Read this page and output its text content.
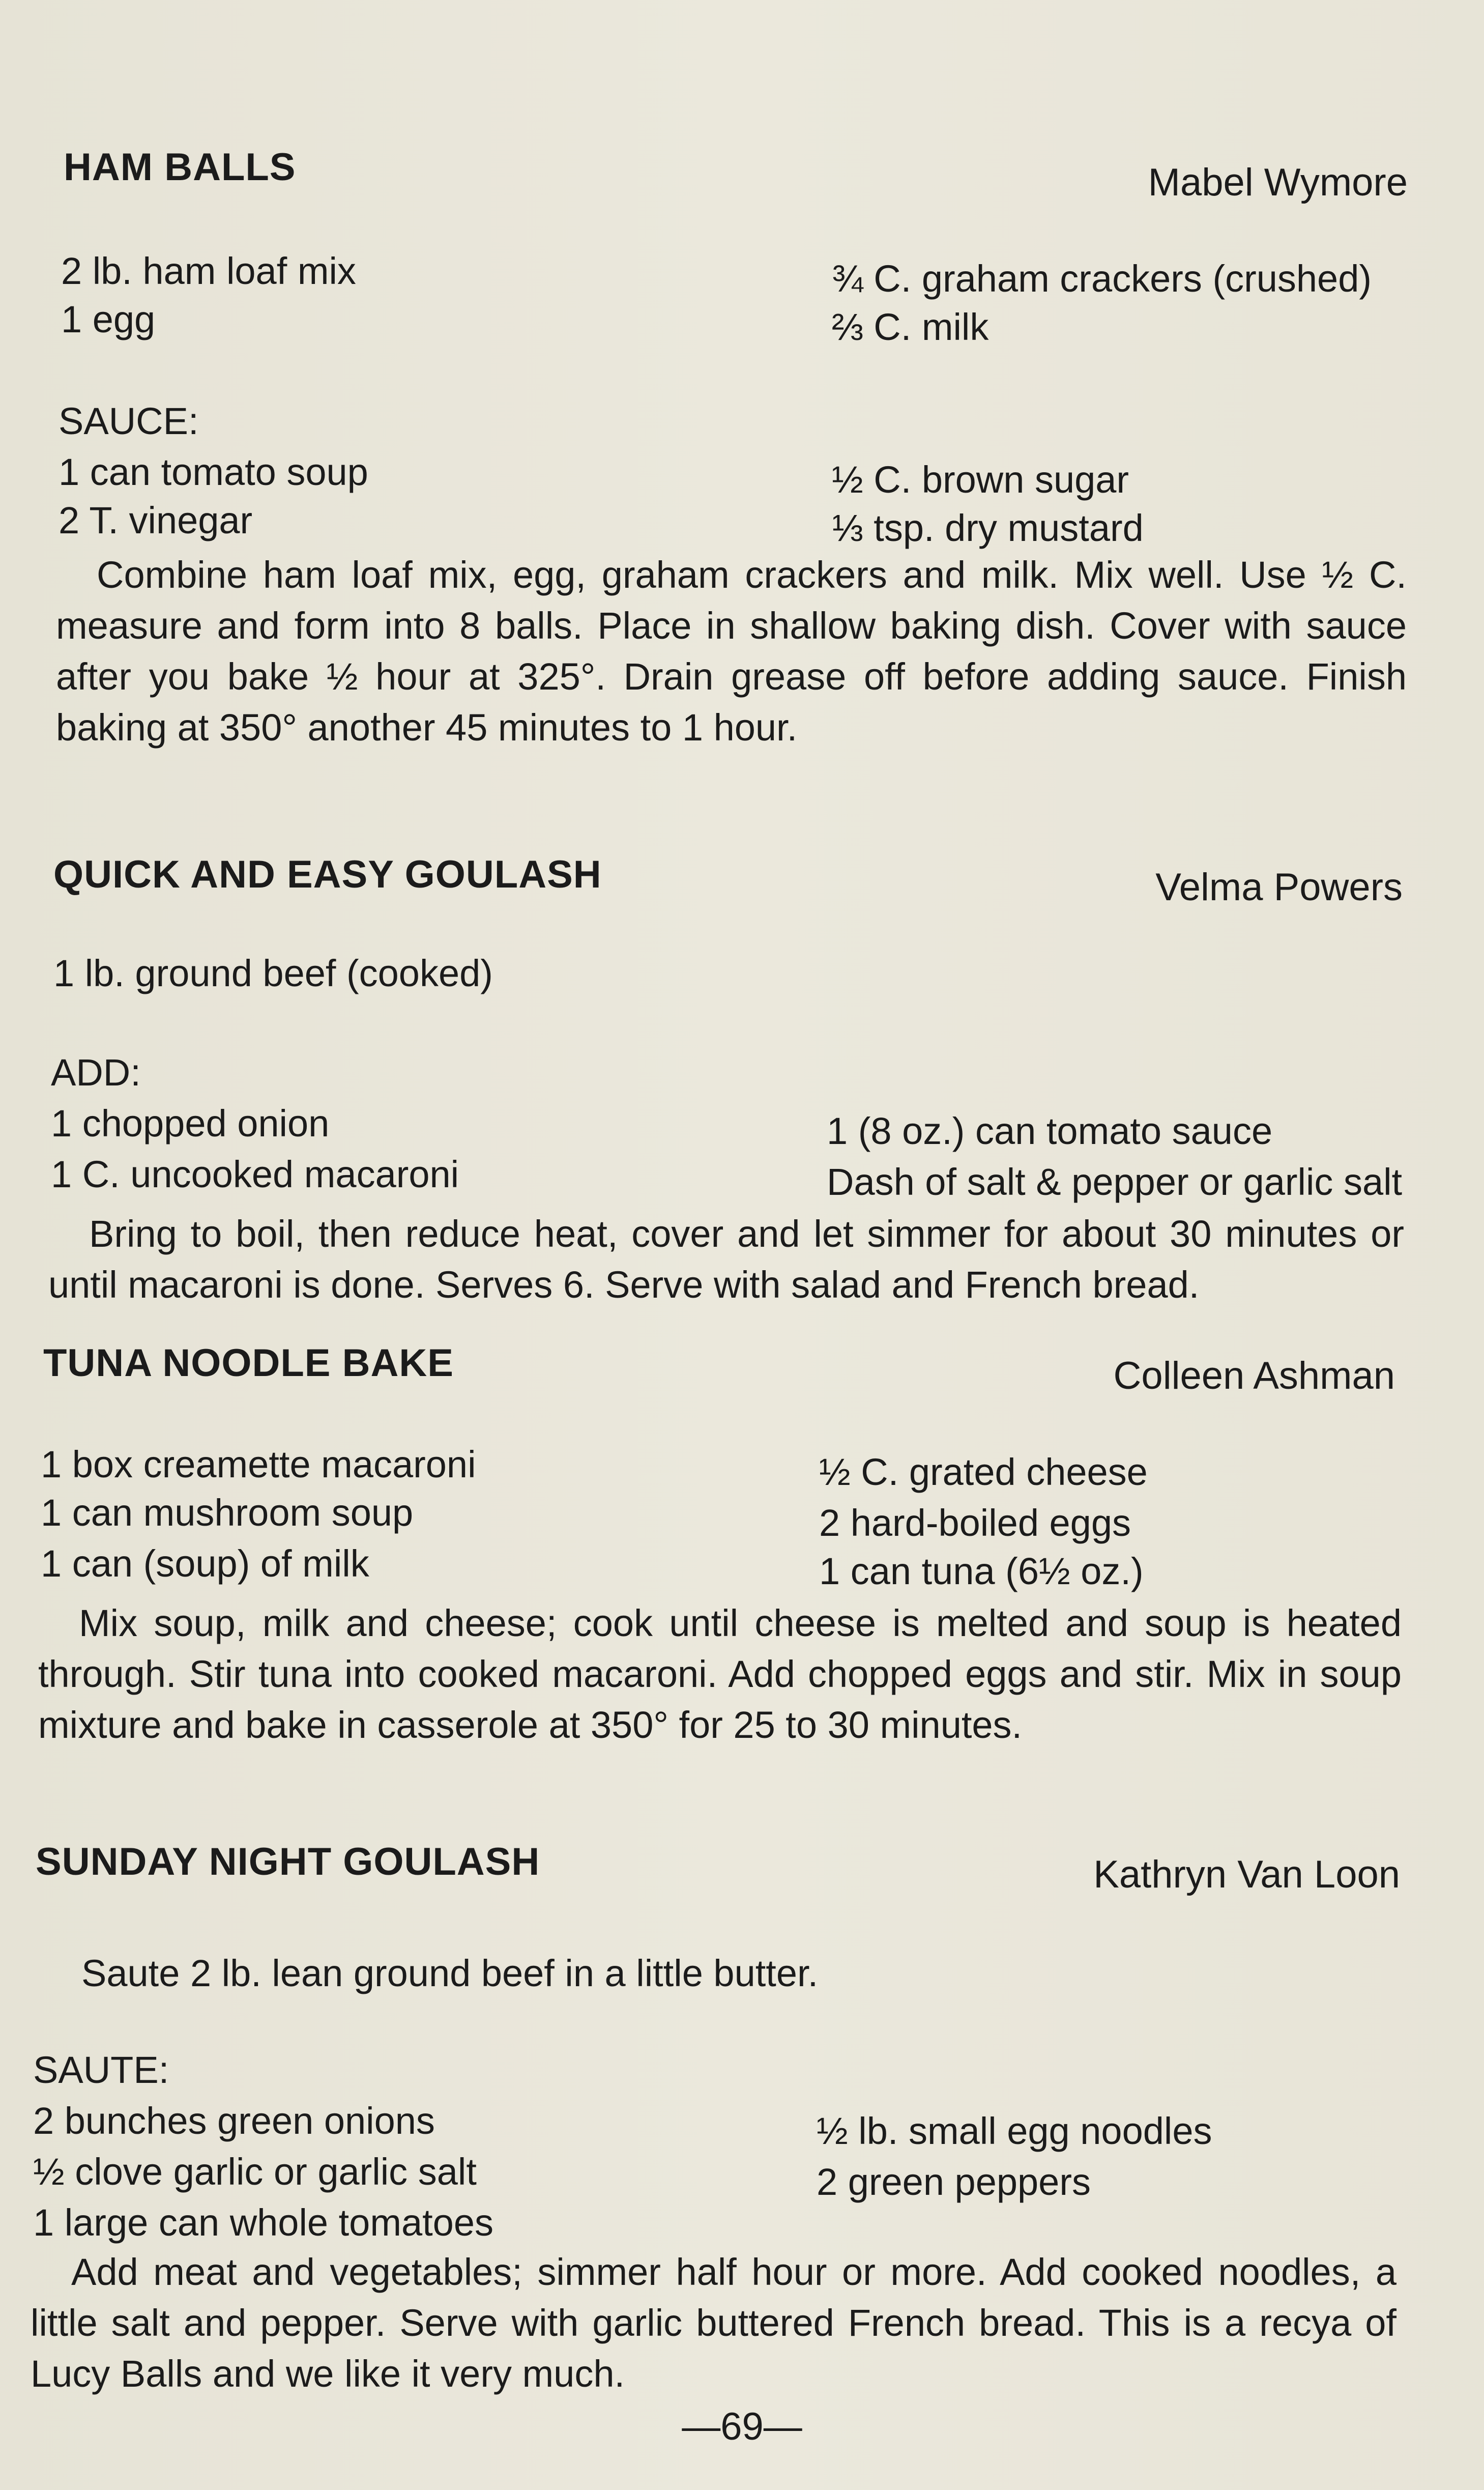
HAM BALLS	Mabel Wymore
2 lb. ham loaf mix
1 egg
¾ C. graham crackers (crushed)
⅔ C. milk
SAUCE:
1 can tomato soup
2 T. vinegar
½ C. brown sugar
⅓ tsp. dry mustard
Combine ham loaf mix, egg, graham crackers and milk. Mix well. Use ½ C. measure and form into 8 balls. Place in shallow baking dish. Cover with sauce after you bake ½ hour at 325°. Drain grease off before adding sauce. Finish baking at 350° another 45 minutes to 1 hour.
QUICK AND EASY GOULASH	Velma Powers
1 lb. ground beef (cooked)
ADD:
1 chopped onion
1 C. uncooked macaroni
1 (8 oz.) can tomato sauce
Dash of salt & pepper or garlic salt
Bring to boil, then reduce heat, cover and let simmer for about 30 minutes or until macaroni is done. Serves 6. Serve with salad and French bread.
TUNA NOODLE BAKE	Colleen Ashman
1 box creamette macaroni
1 can mushroom soup
1 can (soup) of milk
½ C. grated cheese
2 hard-boiled eggs
1 can tuna (6½ oz.)
Mix soup, milk and cheese; cook until cheese is melted and soup is heated through. Stir tuna into cooked macaroni. Add chopped eggs and stir. Mix in soup mixture and bake in casserole at 350° for 25 to 30 minutes.
SUNDAY NIGHT GOULASH	Kathryn Van Loon
Saute 2 lb. lean ground beef in a little butter.
SAUTE:
2 bunches green onions
½ clove garlic or garlic salt
1 large can whole tomatoes
½ lb. small egg noodles
2 green peppers
Add meat and vegetables; simmer half hour or more. Add cooked noodles, a little salt and pepper. Serve with garlic buttered French bread. This is a recya of Lucy Balls and we like it very much.
—69—
